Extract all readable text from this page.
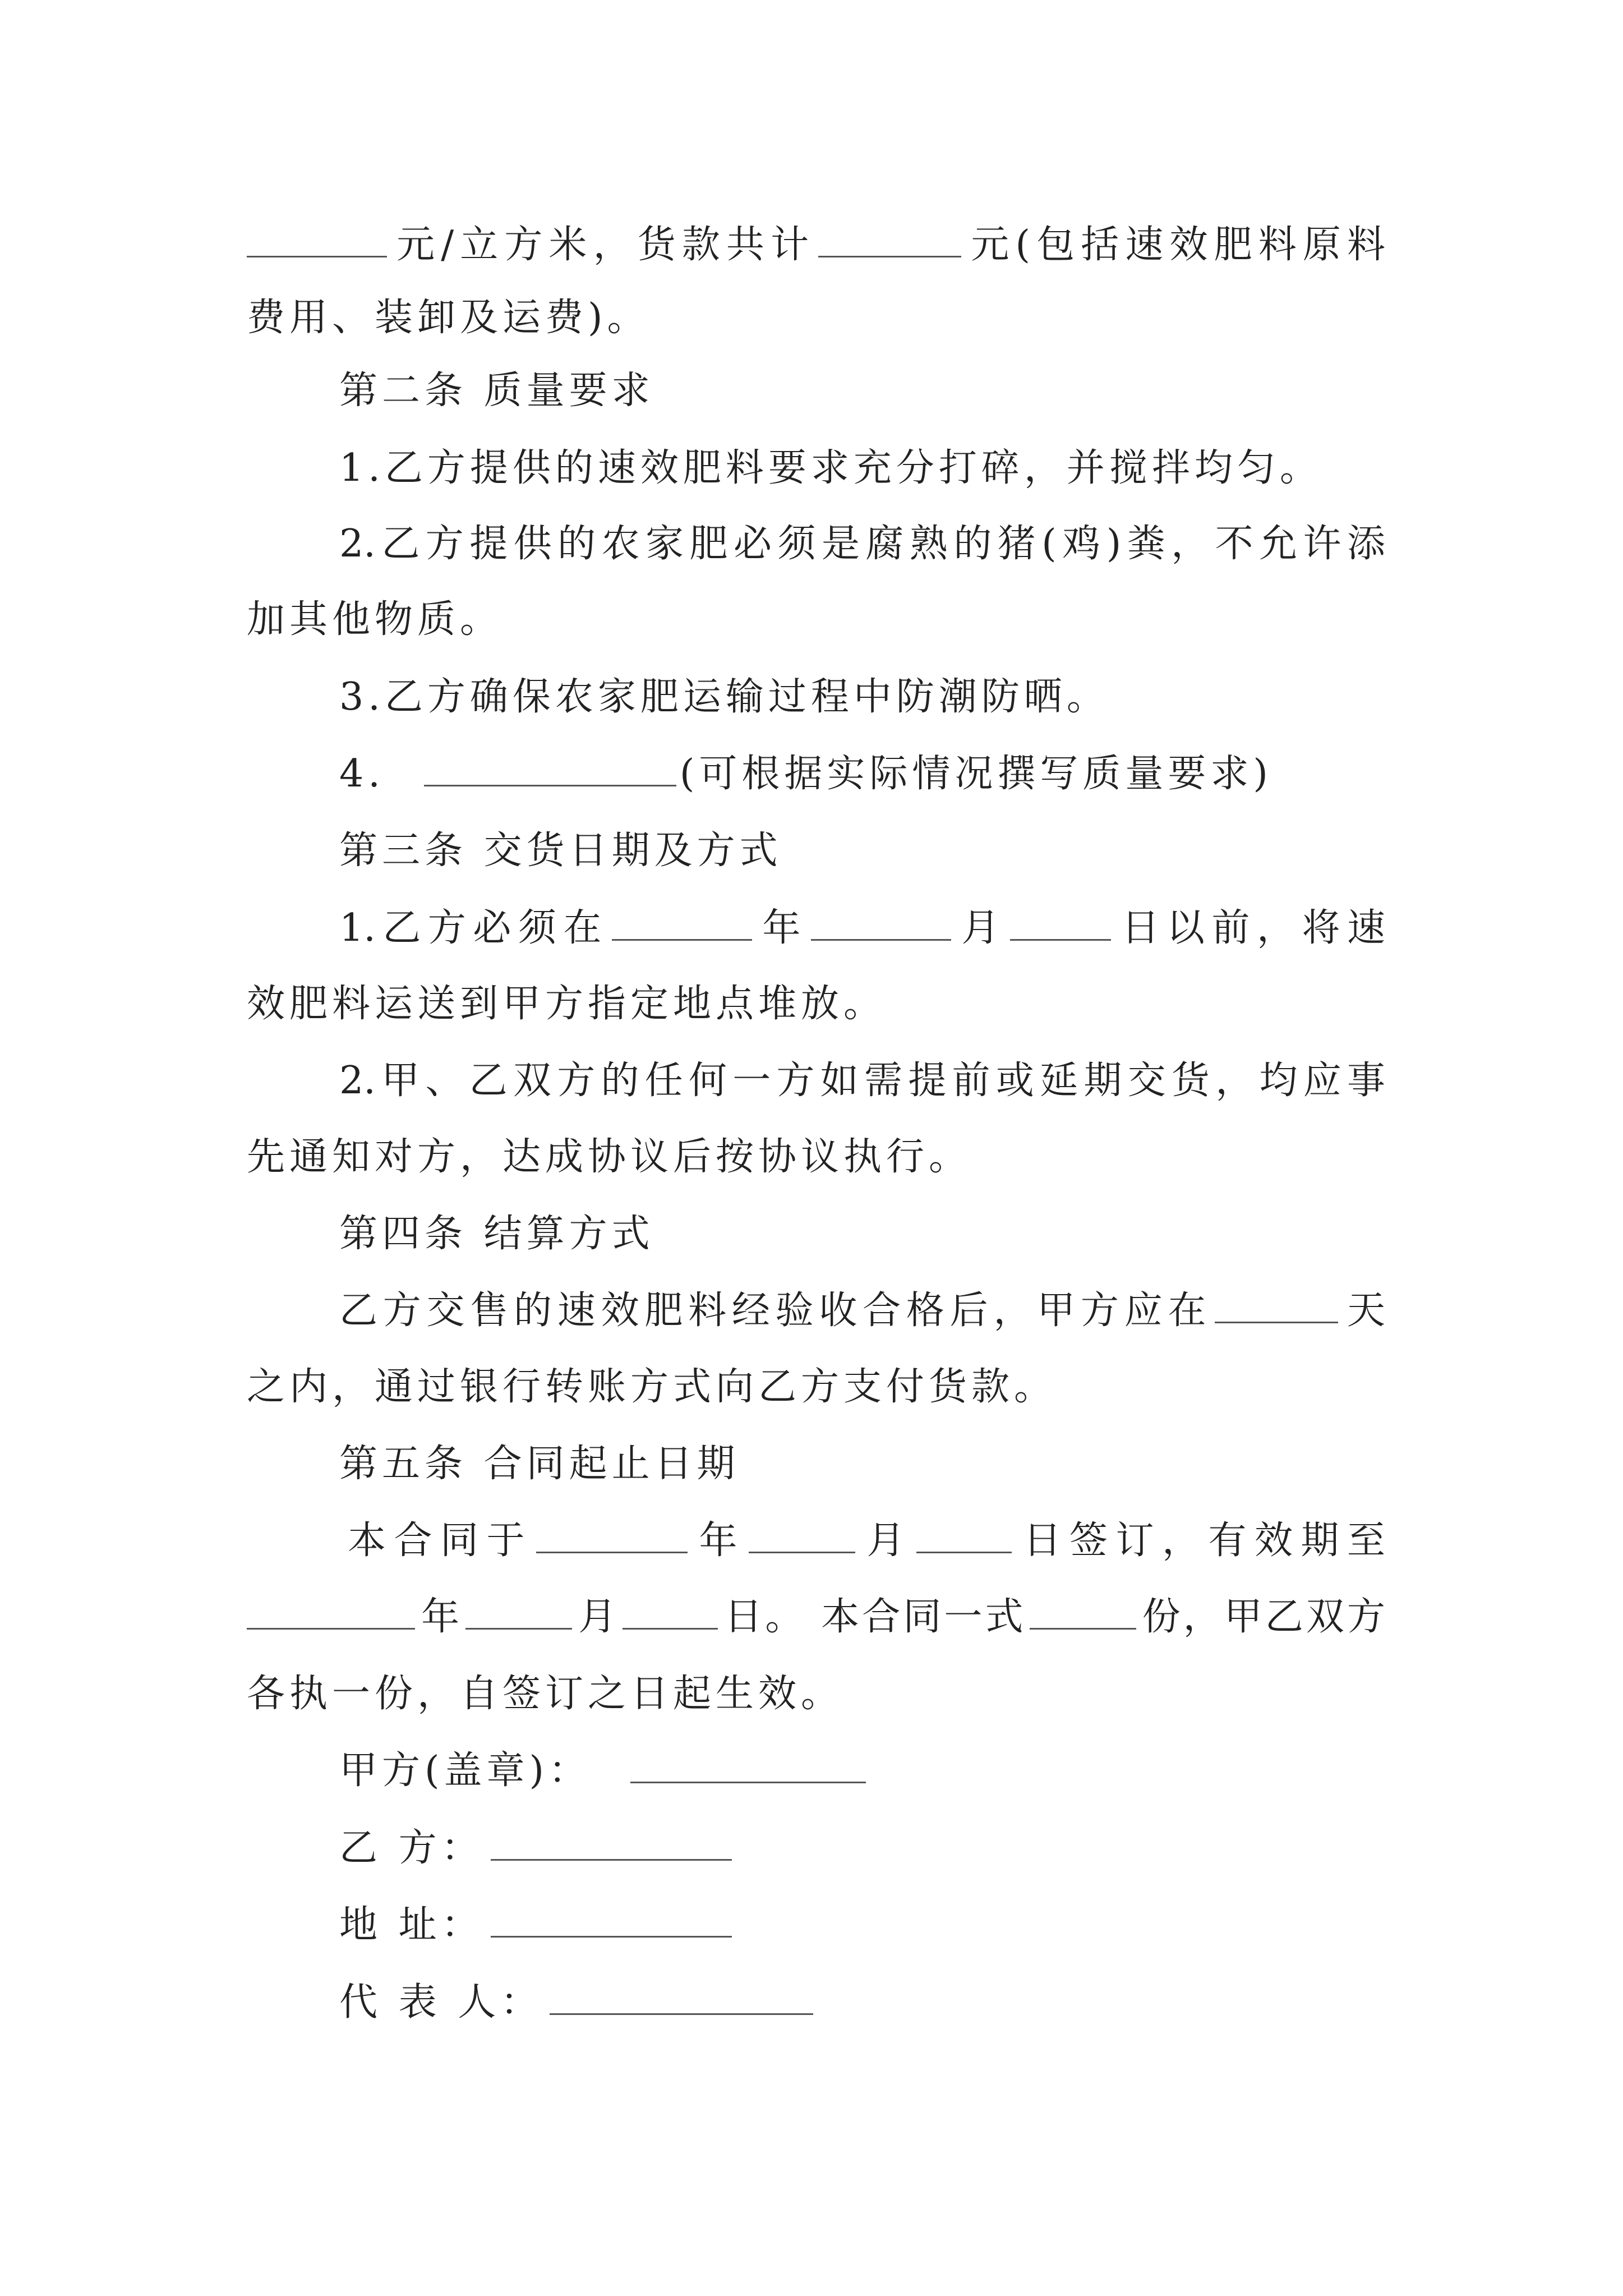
元/立方米，货款共计	元(包括速效肥料原料
费用、装卸及运费)。
第二条 质量要求
1.乙方提供的速效肥料要求充分打碎，并搅拌均匀。
2.乙方提供的农家肥必须是腐熟的猪(鸡)粪，不允许添
加其他物质。
3.乙方确保农家肥运输过程中防潮防晒。
4.	(可根据实际情况撰写质量要求)
第三条 交货日期及方式
1.乙方必须在	年	月	日以前，将速
效肥料运送到甲方指定地点堆放。
2.甲、乙双方的任何一方如需提前或延期交货，均应事
先通知对方，达成协议后按协议执行。
第四条 结算方式
乙方交售的速效肥料经验收合格后，甲方应在	天
之内，通过银行转账方式向乙方支付货款。
第五条 合同起止日期
本合同于	年	月	日签订，有效期至
年	月	日。 本合同一式	份，甲乙双方
各执一份，自签订之日起生效。
甲方(盖章)：
乙 方：
地 址：
代 表 人：
